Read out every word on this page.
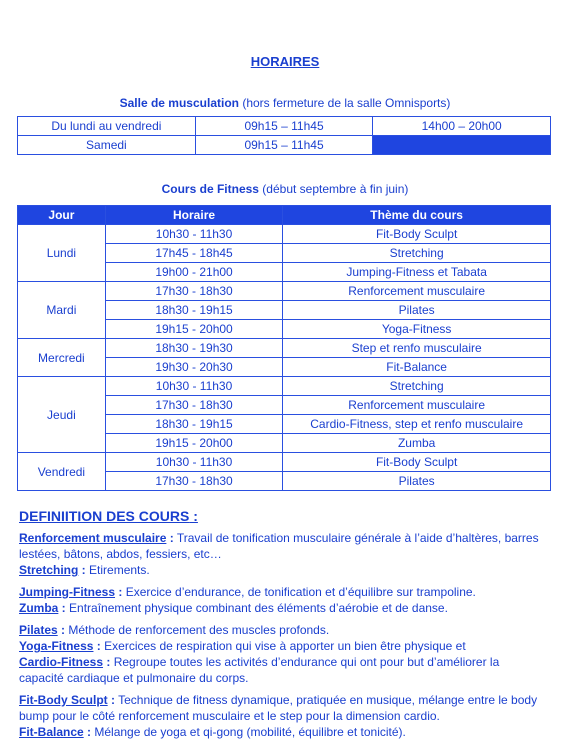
HORAIRES
Salle de musculation (hors fermeture de la salle Omnisports)
Du lundi au vendredi	09h15 – 11h45	14h00 – 20h00
Samedi	09h15 – 11h45	
Cours de Fitness (début septembre à fin juin)
Jour	Horaire	Thème du cours
Lundi	10h30 - 11h30	Fit-Body Sculpt
	17h45 - 18h45	Stretching
	19h00 - 21h00	Jumping-Fitness et Tabata
Mardi	17h30 - 18h30	Renforcement musculaire
	18h30 - 19h15	Pilates
	19h15 - 20h00	Yoga-Fitness
Mercredi	18h30 - 19h30	Step et renfo musculaire
	19h30 - 20h30	Fit-Balance
Jeudi	10h30 - 11h30	Stretching
	17h30 - 18h30	Renforcement musculaire
	18h30 - 19h15	Cardio-Fitness, step et renfo musculaire
	19h15 - 20h00	Zumba
Vendredi	10h30 - 11h30	Fit-Body Sculpt
	17h30 - 18h30	Pilates
DEFINIITION DES COURS :
Renforcement musculaire : Travail de tonification musculaire générale à l’aide d’haltères, barres lestées, bâtons, abdos, fessiers, etc…
Stretching : Etirements.
Jumping-Fitness : Exercice d’endurance, de tonification et d’équilibre sur trampoline.
Zumba : Entraînement physique combinant des éléments d’aérobie et de danse.
Pilates : Méthode de renforcement des muscles profonds.
Yoga-Fitness : Exercices de respiration qui vise à apporter un bien être physique et
Cardio-Fitness : Regroupe toutes les activités d’endurance qui ont pour but d’améliorer la capacité cardiaque et pulmonaire du corps.
Fit-Body Sculpt : Technique de fitness dynamique, pratiquée en musique, mélange entre le body bump pour le côté renforcement musculaire et le step pour la dimension cardio.
Fit-Balance : Mélange de yoga et qi-gong (mobilité, équilibre et tonicité).
